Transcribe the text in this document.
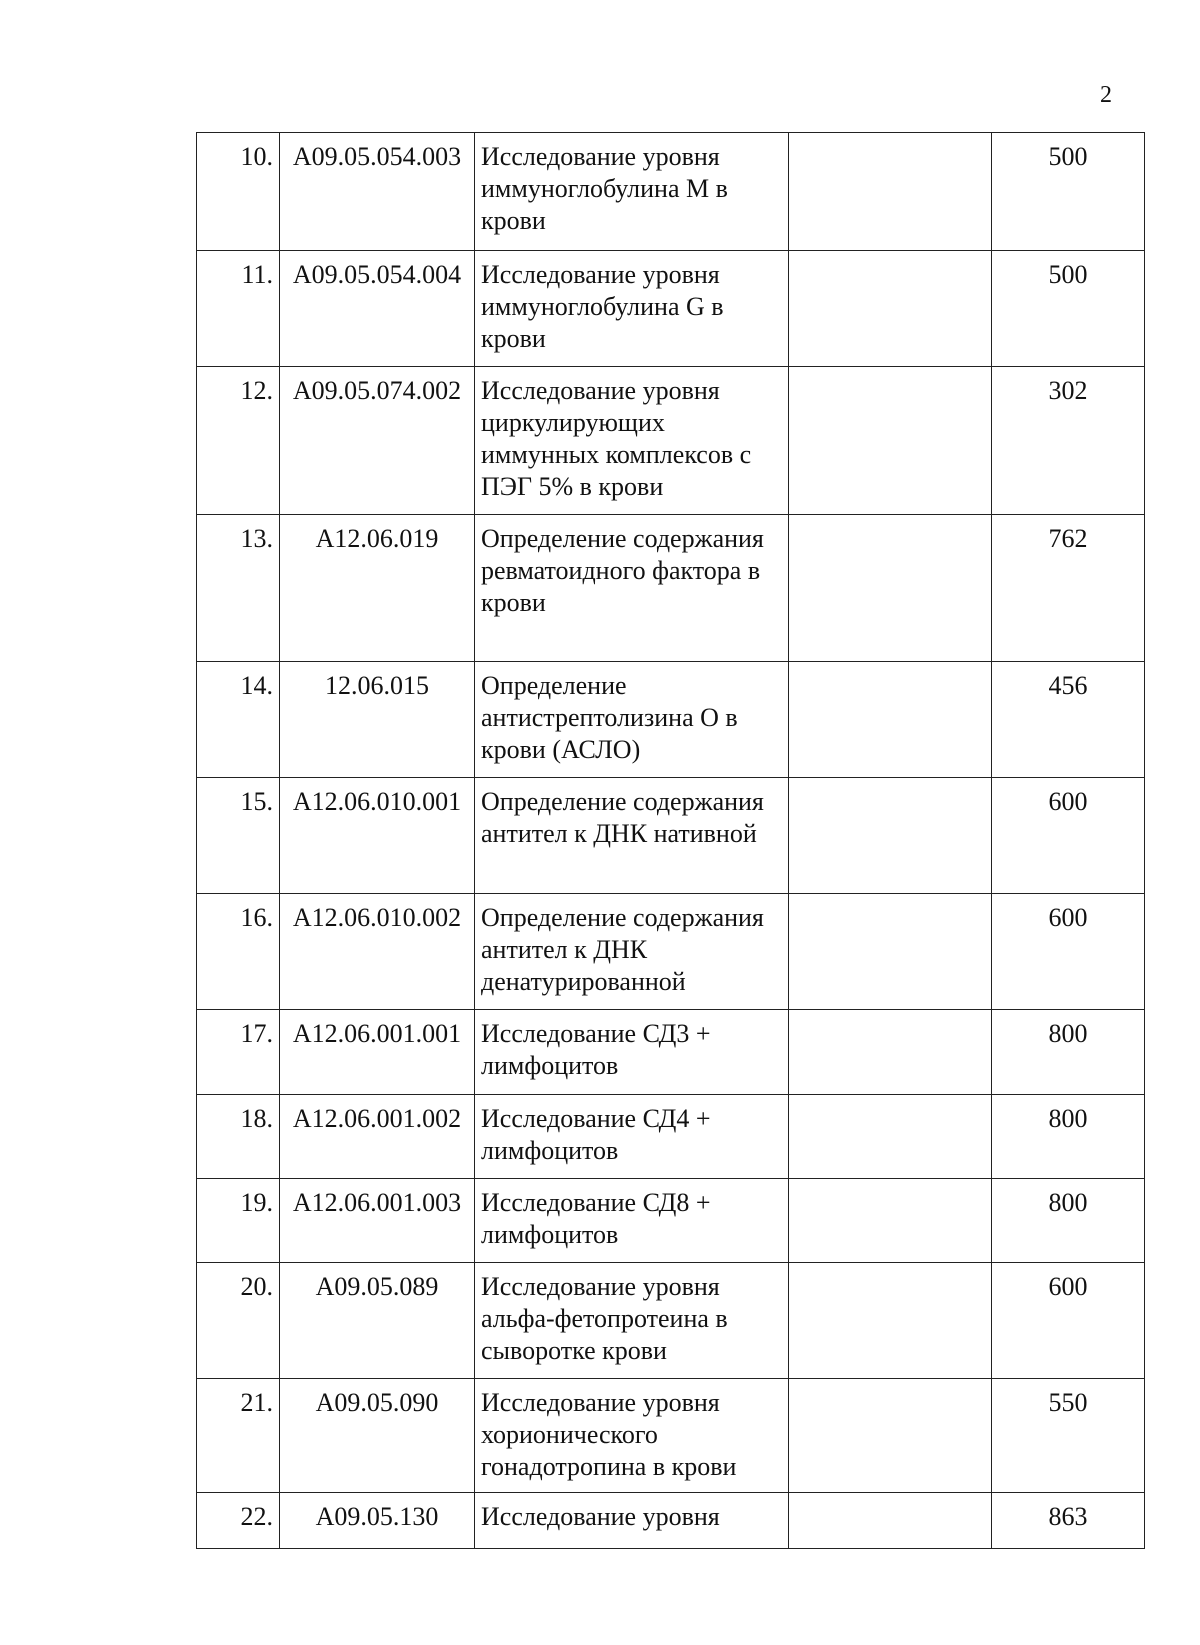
2
10.	А09.05.054.003	Исследование уровня иммуноглобулина М в крови		500
11.	А09.05.054.004	Исследование уровня иммуноглобулина G в крови		500
12.	А09.05.074.002	Исследование уровня циркулирующих иммунных комплексов с ПЭГ 5% в крови		302
13.	А12.06.019	Определение содержания ревматоидного фактора в крови		762
14.	12.06.015	Определение антистрептолизина О в крови (АСЛО)		456
15.	А12.06.010.001	Определение содержания антител к ДНК нативной		600
16.	А12.06.010.002	Определение содержания антител к ДНК денатурированной		600
17.	А12.06.001.001	Исследование СД3 + лимфоцитов		800
18.	А12.06.001.002	Исследование СД4 + лимфоцитов		800
19.	А12.06.001.003	Исследование СД8 + лимфоцитов		800
20.	А09.05.089	Исследование уровня альфа-фетопротеина в сыворотке крови		600
21.	А09.05.090	Исследование уровня хорионического гонадотропина в крови		550
22.	А09.05.130	Исследование уровня		863
